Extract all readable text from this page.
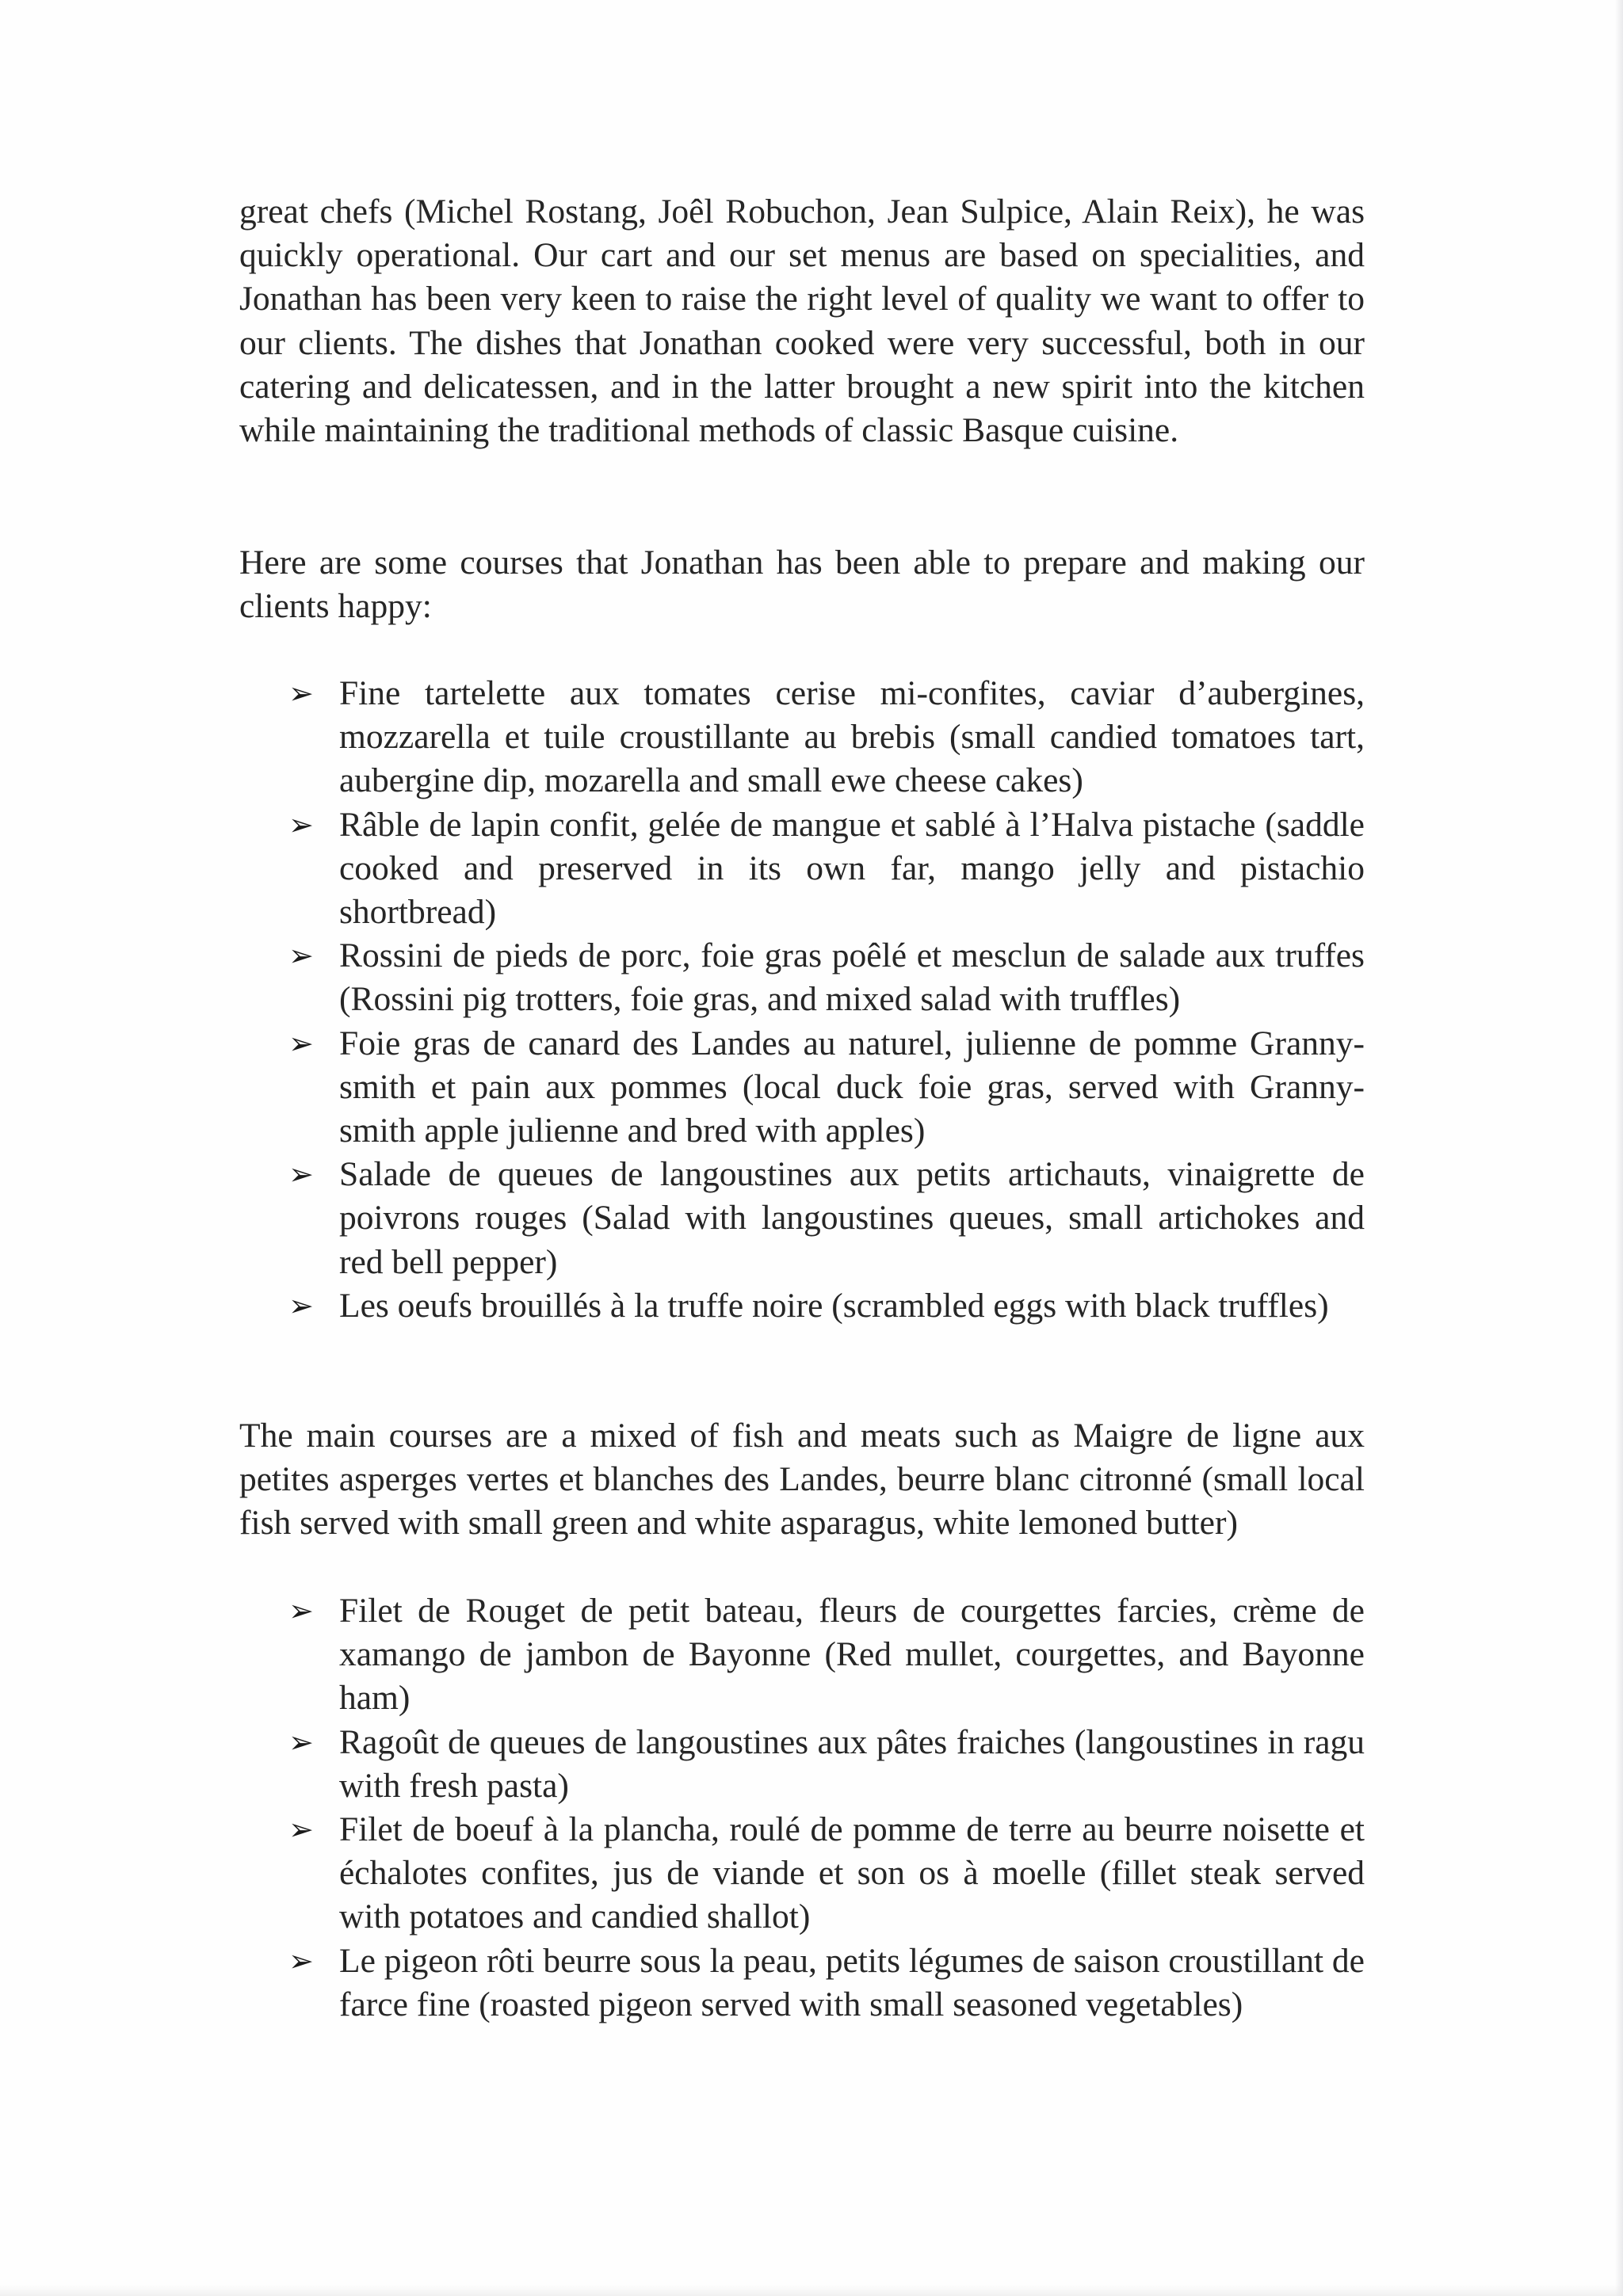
great chefs (Michel Rostang, Joêl Robuchon, Jean Sulpice, Alain Reix), he was quickly operational. Our cart and our set menus are based on specialities, and Jonathan has been very keen to raise the right level of quality we want to offer to our clients. The dishes that Jonathan cooked were very successful, both in our catering and delicatessen, and in the latter brought a new spirit into the kitchen while maintaining the traditional methods of classic Basque cuisine.

Here are some courses that Jonathan has been able to prepare and making our clients happy:

➢ Fine tartelette aux tomates cerise mi-confites, caviar d’aubergines, mozzarella et tuile croustillante au brebis (small candied tomatoes tart, aubergine dip, mozarella and small ewe cheese cakes)
➢ Râble de lapin confit, gelée de mangue et sablé à l’Halva pistache (saddle cooked and preserved in its own far, mango jelly and pistachio shortbread)
➢ Rossini de pieds de porc, foie gras poêlé et mesclun de salade aux truffes (Rossini pig trotters, foie gras, and mixed salad with truffles)
➢ Foie gras de canard des Landes au naturel, julienne de pomme Granny-smith et pain aux pommes (local duck foie gras, served with Granny-smith apple julienne and bred with apples)
➢ Salade de queues de langoustines aux petits artichauts, vinaigrette de poivrons rouges (Salad with langoustines queues, small artichokes and red bell pepper)
➢ Les oeufs brouillés à la truffe noire (scrambled eggs with black truffles)

The main courses are a mixed of fish and meats such as Maigre de ligne aux petites asperges vertes et blanches des Landes, beurre blanc citronné (small local fish served with small green and white asparagus, white lemoned butter)

➢ Filet de Rouget de petit bateau, fleurs de courgettes farcies, crème de xamango de jambon de Bayonne (Red mullet, courgettes, and Bayonne ham)
➢ Ragoût de queues de langoustines aux pâtes fraiches (langoustines in ragu with fresh pasta)
➢ Filet de boeuf à la plancha, roulé de pomme de terre au beurre noisette et échalotes confites, jus de viande et son os à moelle (fillet steak served with potatoes and candied shallot)
➢ Le pigeon rôti beurre sous la peau, petits légumes de saison croustillant de farce fine (roasted pigeon served with small seasoned vegetables)
